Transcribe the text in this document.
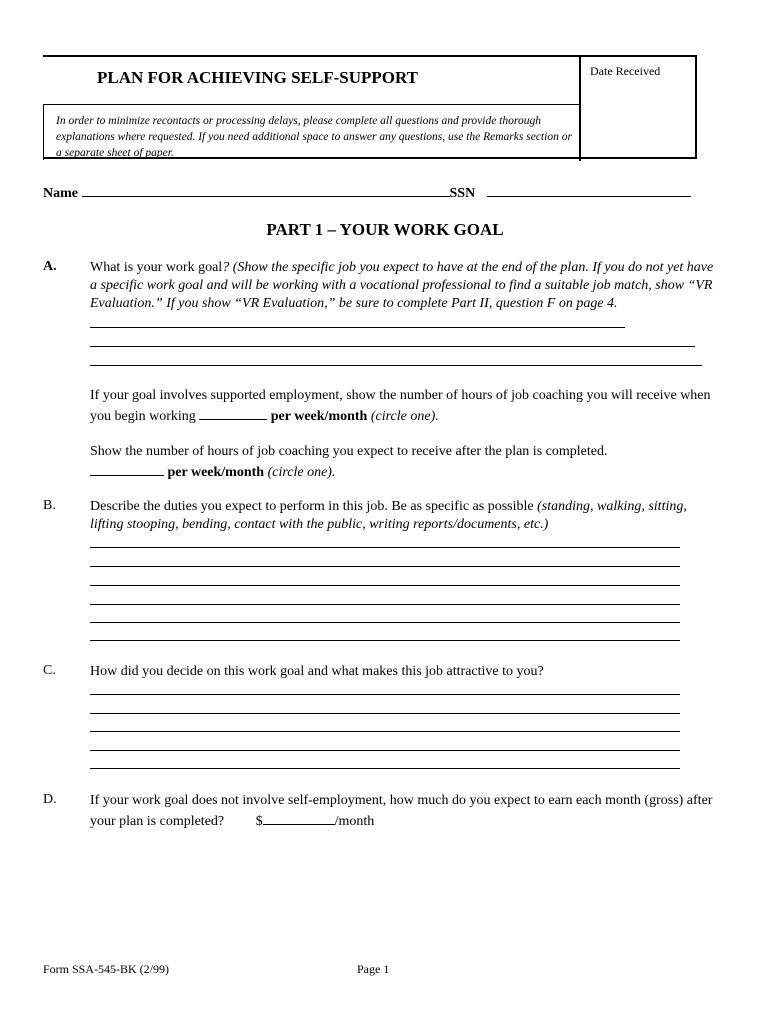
Date Received
PLAN FOR ACHIEVING SELF-SUPPORT
In order to minimize recontacts or processing delays, please complete all questions and provide thorough explanations where requested. If you need additional space to answer any questions, use the Remarks section or a separate sheet of paper.
Name	SSN
PART 1 – YOUR WORK GOAL
A. What is your work goal? (Show the specific job you expect to have at the end of the plan. If you do not yet have a specific work goal and will be working with a vocational professional to find a suitable job match, show “VR Evaluation.” If you show “VR Evaluation,” be sure to complete Part II, question F on page 4.
If your goal involves supported employment, show the number of hours of job coaching you will receive when you begin working	per week/month (circle one).
Show the number of hours of job coaching you expect to receive after the plan is completed.
per week/month (circle one).
B. Describe the duties you expect to perform in this job. Be as specific as possible (standing, walking, sitting, lifting stooping, bending, contact with the public, writing reports/documents, etc.)
C. How did you decide on this work goal and what makes this job attractive to you?
D. If your work goal does not involve self-employment, how much do you expect to earn each month (gross) after your plan is completed? $	/month
Form SSA-545-BK (2/99)	Page 1
